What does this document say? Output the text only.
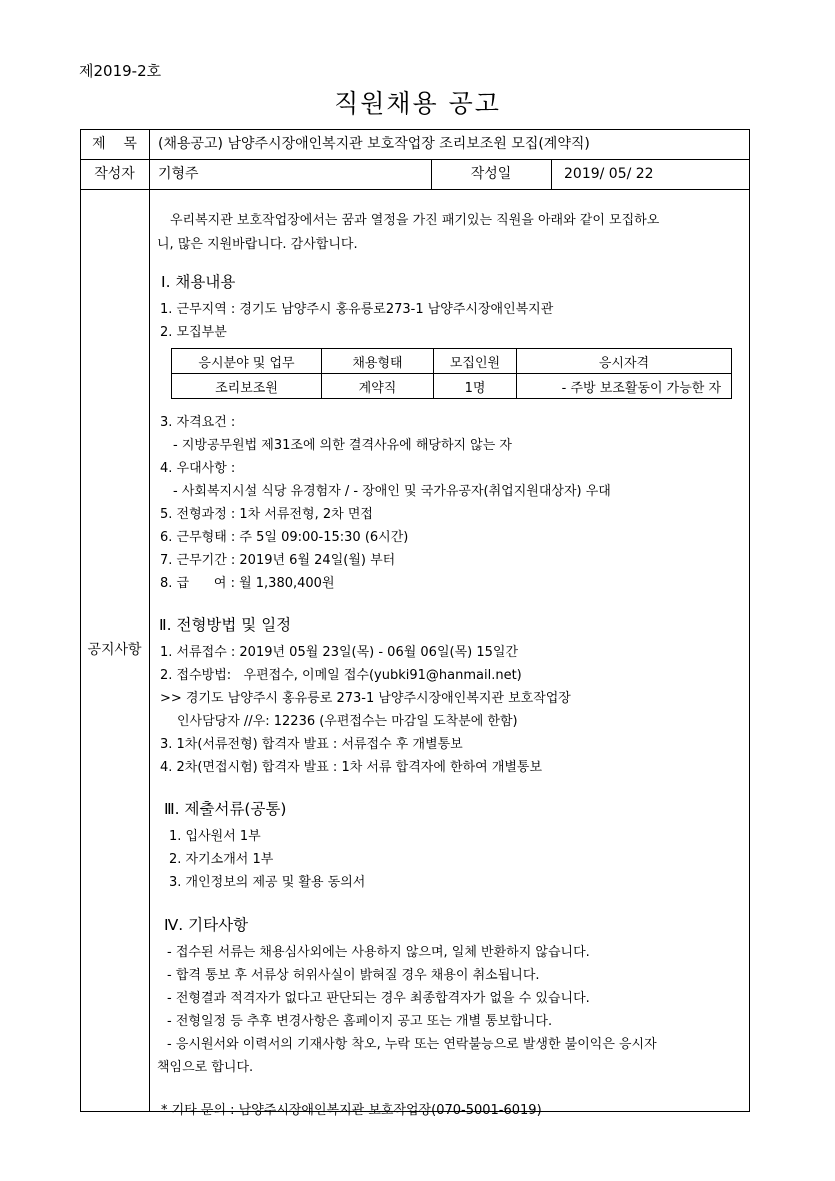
제2019-2호
직원채용 공고
제    목	(채용공고) 남양주시장애인복지관 보호작업장 조리보조원 모집(계약직)
작성자	기형주	작성일	2019/ 05/ 22
공지사항
우리복지관 보호작업장에서는 꿈과 열정을 가진 패기있는 직원을 아래와 같이 모집하오
니, 많은 지원바랍니다. 감사합니다.
Ⅰ. 채용내용
1. 근무지역 : 경기도 남양주시 홍유릉로273-1 남양주시장애인복지관
2. 모집부분
응시분야 및 업무	채용형태	모집인원	응시자격
조리보조원	계약직	1명	- 주방 보조활동이 가능한 자
3. 자격요건 :
- 지방공무원법 제31조에 의한 결격사유에 해당하지 않는 자
4. 우대사항 :
- 사회복지시설 식당 유경험자 / - 장애인 및 국가유공자(취업지원대상자) 우대
5. 전형과정 : 1차 서류전형, 2차 면접
6. 근무형태 : 주 5일 09:00-15:30 (6시간)
7. 근무기간 : 2019년 6월 24일(월) 부터
8. 급      여 : 월 1,380,400원
Ⅱ. 전형방법 및 일정
1. 서류접수 : 2019년 05월 23일(목) - 06월 06일(목) 15일간
2. 접수방법:   우편접수, 이메일 접수(yubki91@hanmail.net)
>> 경기도 남양주시 홍유릉로 273-1 남양주시장애인복지관 보호작업장
인사담당자 //우: 12236 (우편접수는 마감일 도착분에 한함)
3. 1차(서류전형) 합격자 발표 : 서류접수 후 개별통보
4. 2차(면접시험) 합격자 발표 : 1차 서류 합격자에 한하여 개별통보
Ⅲ. 제출서류(공통)
1. 입사원서 1부
2. 자기소개서 1부
3. 개인정보의 제공 및 활용 동의서
Ⅳ. 기타사항
- 접수된 서류는 채용심사외에는 사용하지 않으며, 일체 반환하지 않습니다.
- 합격 통보 후 서류상 허위사실이 밝혀질 경우 채용이 취소됩니다.
- 전형결과 적격자가 없다고 판단되는 경우 최종합격자가 없을 수 있습니다.
- 전형일정 등 추후 변경사항은 홈페이지 공고 또는 개별 통보합니다.
- 응시원서와 이력서의 기재사항 착오, 누락 또는 연락불능으로 발생한 불이익은 응시자
책임으로 합니다.
* 기타 문의 : 남양주시장애인복지관 보호작업장(070-5001-6019)
